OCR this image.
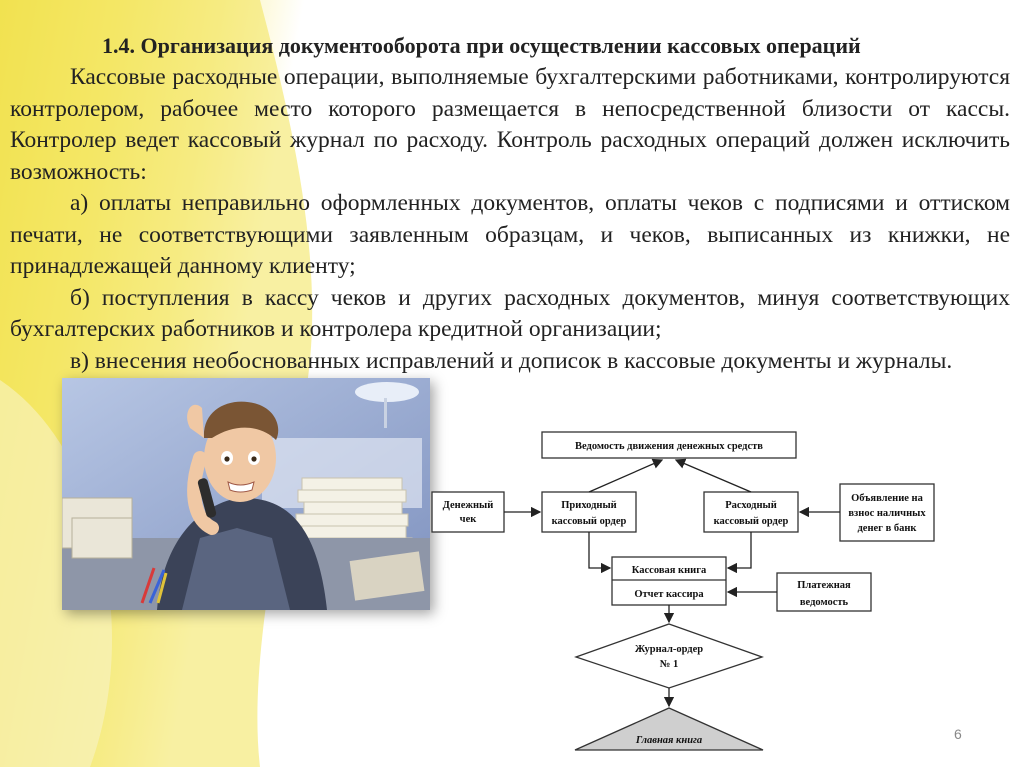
1.4. Организация документооборота при осуществлении кассовых операций

Кассовые расходные операции, выполняемые бухгалтерскими работниками, контролируются контролером, рабочее место которого размещается в непосредственной близости от кассы. Контролер ведет кассовый журнал по расходу. Контроль расходных операций должен исключить возможность:

а) оплаты неправильно оформленных документов, оплаты чеков с подписями и оттиском печати, не соответствующими заявленным образцам, и чеков, выписанных из книжки, не принадлежащей данному клиенту;

б) поступления в кассу чеков и других расходных документов, минуя соответствующих бухгалтерских работников и контролера кредитной организации;

в) внесения необоснованных исправлений и дописок в кассовые документы и журналы.

Ведомость движения денежных средств
Денежный
чек
Приходный
кассовый ордер
Расходный
кассовый ордер
Объявление на
взнос наличных
денег в банк
Кассовая книга
Отчет кассира
Платежная
ведомость
Журнал-ордер
№ 1
Главная книга	6
